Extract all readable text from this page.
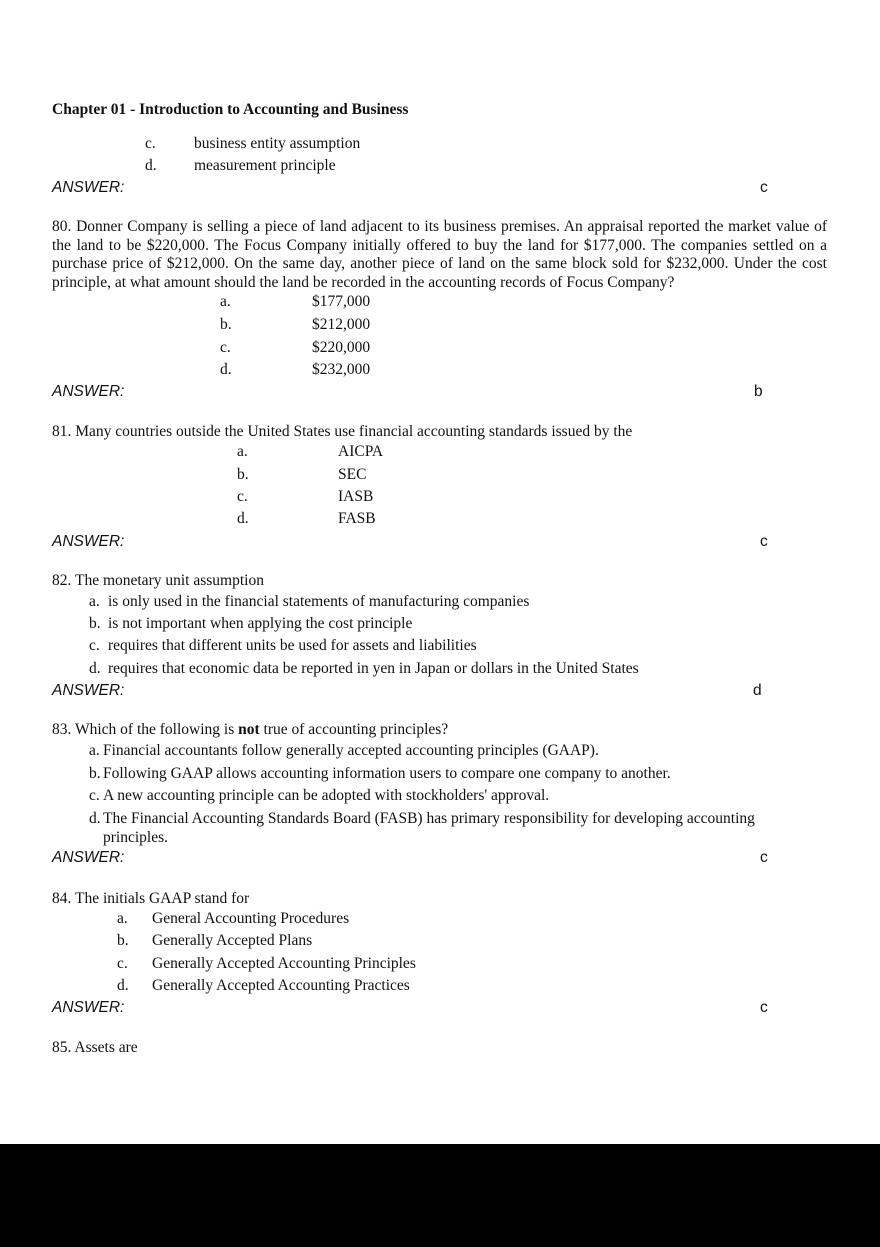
Chapter 01 - Introduction to Accounting and Business
c. business entity assumption
d. measurement principle
ANSWER:	c
80. Donner Company is selling a piece of land adjacent to its business premises. An appraisal reported the market value of the land to be $220,000. The Focus Company initially offered to buy the land for $177,000. The companies settled on a purchase price of $212,000. On the same day, another piece of land on the same block sold for $232,000. Under the cost principle, at what amount should the land be recorded in the accounting records of Focus Company?
a.	$177,000
b.	$212,000
c.	$220,000
d.	$232,000
ANSWER:	b
81. Many countries outside the United States use financial accounting standards issued by the
a.	AICPA
b.	SEC
c.	IASB
d.	FASB
ANSWER:	c
82. The monetary unit assumption
a. is only used in the financial statements of manufacturing companies
b. is not important when applying the cost principle
c. requires that different units be used for assets and liabilities
d. requires that economic data be reported in yen in Japan or dollars in the United States
ANSWER:	d
83. Which of the following is not true of accounting principles?
a. Financial accountants follow generally accepted accounting principles (GAAP).
b. Following GAAP allows accounting information users to compare one company to another.
c. A new accounting principle can be adopted with stockholders' approval.
d. The Financial Accounting Standards Board (FASB) has primary responsibility for developing accounting principles.
ANSWER:	c
84. The initials GAAP stand for
a. General Accounting Procedures
b. Generally Accepted Plans
c. Generally Accepted Accounting Principles
d. Generally Accepted Accounting Practices
ANSWER:	c
85. Assets are
